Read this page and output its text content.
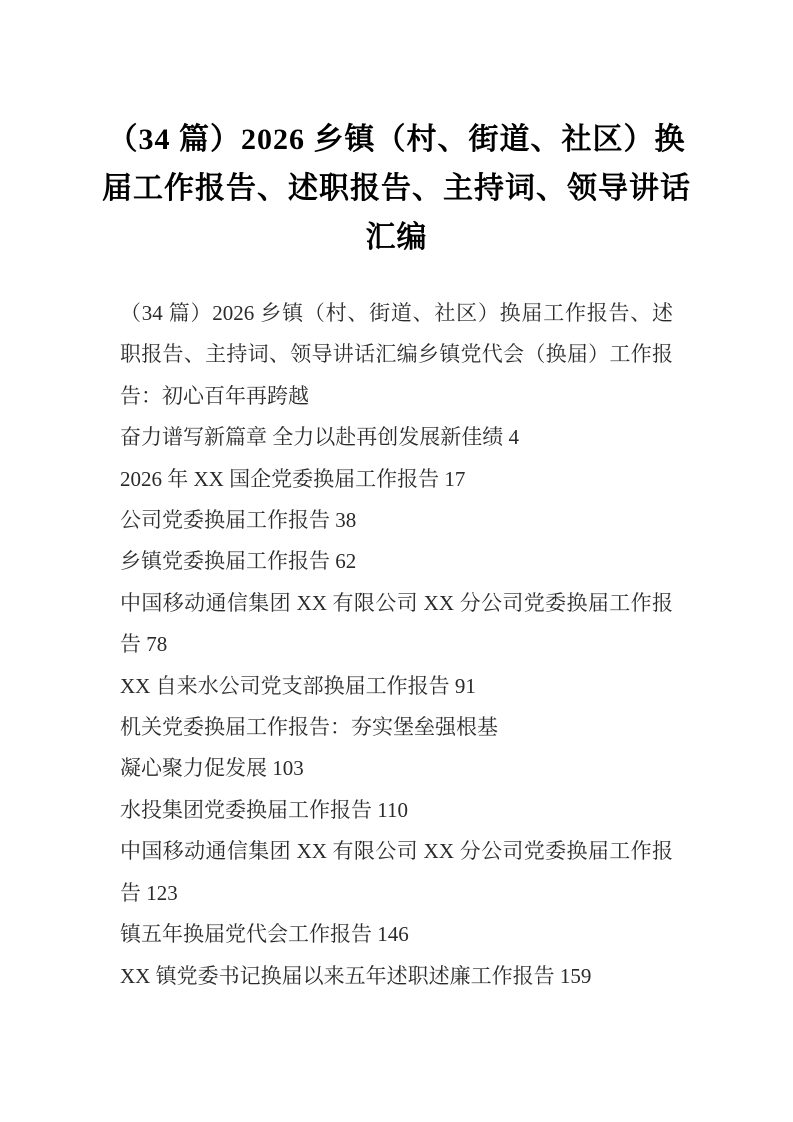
（34 篇）2026 乡镇（村、街道、社区）换
届工作报告、述职报告、主持词、领导讲话
汇编
（34 篇）2026 乡镇（村、街道、社区）换届工作报告、述
职报告、主持词、领导讲话汇编乡镇党代会（换届）工作报
告：初心百年再跨越
奋力谱写新篇章 全力以赴再创发展新佳绩 4
2026 年 XX 国企党委换届工作报告 17
公司党委换届工作报告 38
乡镇党委换届工作报告 62
中国移动通信集团 XX 有限公司 XX 分公司党委换届工作报
告 78
XX 自来水公司党支部换届工作报告 91
机关党委换届工作报告：夯实堡垒强根基
凝心聚力促发展 103
水投集团党委换届工作报告 110
中国移动通信集团 XX 有限公司 XX 分公司党委换届工作报
告 123
镇五年换届党代会工作报告 146
XX 镇党委书记换届以来五年述职述廉工作报告 159
